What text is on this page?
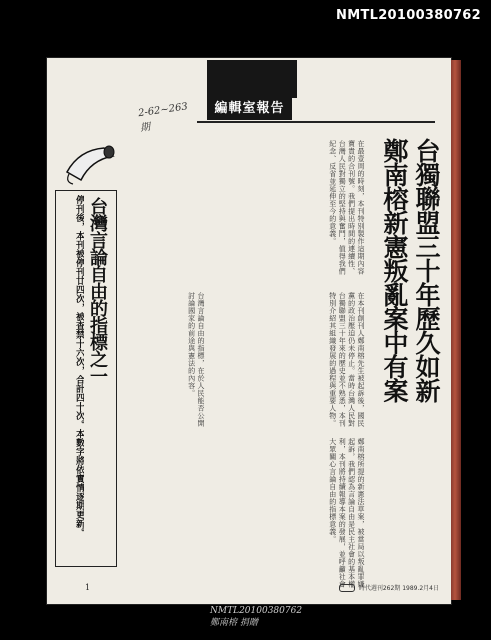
NMTL20100380762
編輯室報告
2-62~263 期
台獨聯盟三十年歷久如新
鄭南榕新憲叛亂案中有案
在最壹周的時刻，本刊特別製作這期內容寶貴的合刊號。我們提出時間的連續性、台灣人民對獨立的堅持與奮鬥，值得我們紀念、反省並延伸至今的意義。
在本刊創刊人鄭南榕先生被起訴後，國民黨的政治壓迫仍未停止。當時台灣人民對台獨聯盟三十年來的歷史並不熟悉，本刊特別介紹其組織發展的過程與重要人物。
鄭南榕所提的新憲法草案，被當局以叛亂罪嫌起訴，我們認為言論自由是民主社會的基本權利，本刊將持續報導本案的發展，並呼籲社會大眾關心言論自由的指標意義。
台灣言論自由的指標，在於人民能否公開討論國家的前途與憲法的內容。
台灣言論自由的指標之一
停刊後，本刊被停刊廿四次，被查禁十六次，合計四十次。本數字將依實情逐期更新。
1	時代週刊262期 1989.2月4日
NMTL20100380762
鄭南榕 捐贈
